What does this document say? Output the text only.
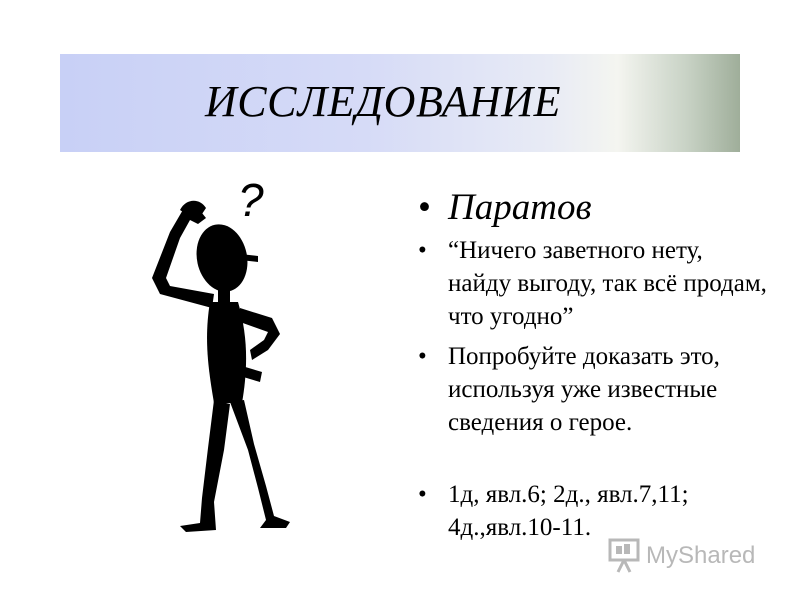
ИССЛЕДОВАНИЕ
?	• Паратов
• “Ничего заветного нету, найду выгоду, так всё продам, что угодно”
• Попробуйте доказать это, используя уже известные сведения о герое.
• 1д, явл.6; 2д., явл.7,11; 4д.,явл.10-11.
MyShared
